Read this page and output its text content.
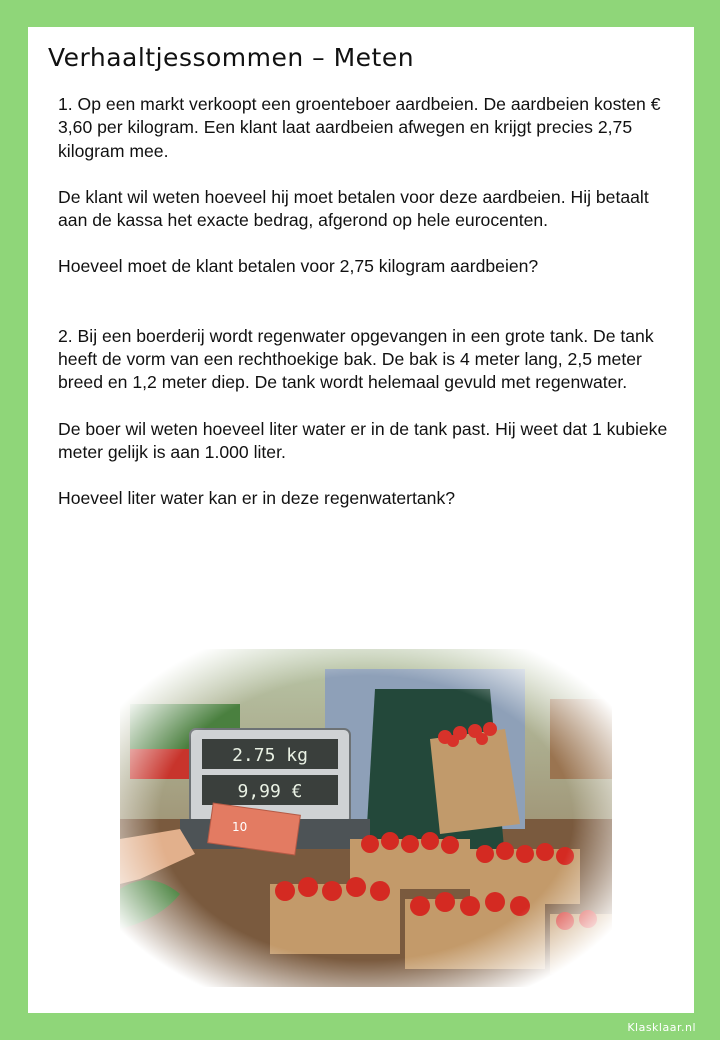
Verhaaltjessommen – Meten

1. Op een markt verkoopt een groenteboer aardbeien. De aardbeien kosten € 3,60 per kilogram. Een klant laat aardbeien afwegen en krijgt precies 2,75 kilogram mee.

De klant wil weten hoeveel hij moet betalen voor deze aardbeien. Hij betaalt aan de kassa het exacte bedrag, afgerond op hele eurocenten.

Hoeveel moet de klant betalen voor 2,75 kilogram aardbeien?

2. Bij een boerderij wordt regenwater opgevangen in een grote tank. De tank heeft de vorm van een rechthoekige bak. De bak is 4 meter lang, 2,5 meter breed en 1,2 meter diep. De tank wordt helemaal gevuld met regenwater.

De boer wil weten hoeveel liter water er in de tank past. Hij weet dat 1 kubieke meter gelijk is aan 1.000 liter.

Hoeveel liter water kan er in deze regenwatertank?

Klasklaar.nl
